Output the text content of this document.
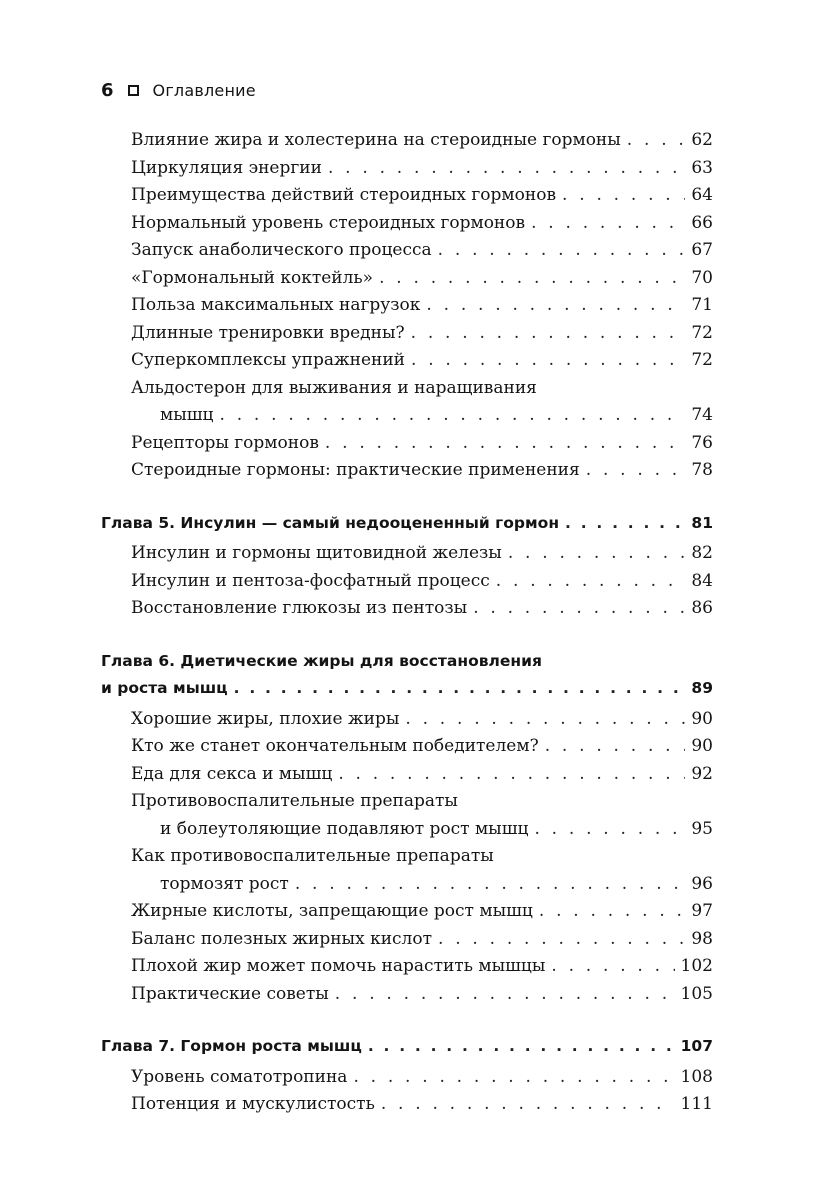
6 Оглавление
Влияние жира и холестерина на стероидные гормоны . . .	62
Циркуляция энергии . . .	63
Преимущества действий стероидных гормонов . . .	64
Нормальный уровень стероидных гормонов . . .	66
Запуск анаболического процесса . . .	67
«Гормональный коктейль» . . .	70
Польза максимальных нагрузок . . .	71
Длинные тренировки вредны? . . .	72
Суперкомплексы упражнений . . .	72
Альдостерон для выживания и наращивания
мышц . . .	74
Рецепторы гормонов . . .	76
Стероидные гормоны: практические применения . . .	78
Глава 5. Инсулин — самый недооцененный гормон . . .	81
Инсулин и гормоны щитовидной железы . . .	82
Инсулин и пентоза-фосфатный процесс . . .	84
Восстановление глюкозы из пентозы . . .	86
Глава 6. Диетические жиры для восстановления
и роста мышц . . .	89
Хорошие жиры, плохие жиры . . .	90
Кто же станет окончательным победителем? . . .	90
Еда для секса и мышц . . .	92
Противовоспалительные препараты
и болеутоляющие подавляют рост мышц . . .	95
Как противовоспалительные препараты
тормозят рост . . .	96
Жирные кислоты, запрещающие рост мышц . . .	97
Баланс полезных жирных кислот . . .	98
Плохой жир может помочь нарастить мышцы . . .	102
Практические советы . . .	105
Глава 7. Гормон роста мышц . . .	107
Уровень соматотропина . . .	108
Потенция и мускулистость . . .	111
